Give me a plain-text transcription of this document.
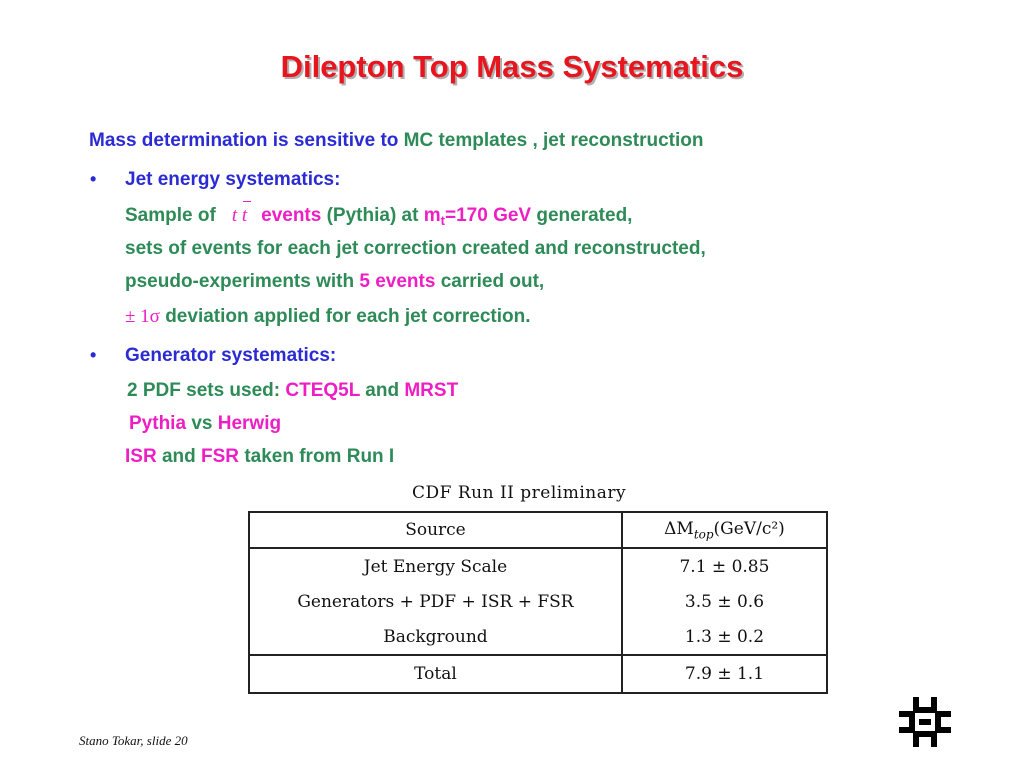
Dilepton Top Mass Systematics
Mass determination is sensitive to MC templates , jet reconstruction
• Jet energy systematics:
Sample of t t events (Pythia) at $m_t=170$ GeV generated,
sets of events for each jet correction created and reconstructed,
pseudo-experiments with 5 events carried out,
± 1σ deviation applied for each jet correction.
• Generator systematics:
2 PDF sets used: CTEQ5L and MRST
Pythia vs Herwig
ISR and FSR taken from Run I
CDF Run II preliminary
Source	$\Delta M_{top}(GeV/c^2)$
Jet Energy Scale	7.1 ± 0.85
Generators + PDF + ISR + FSR	3.5 ± 0.6
Background	1.3 ± 0.2
Total	7.9 ± 1.1
Stano Tokar, slide 20
